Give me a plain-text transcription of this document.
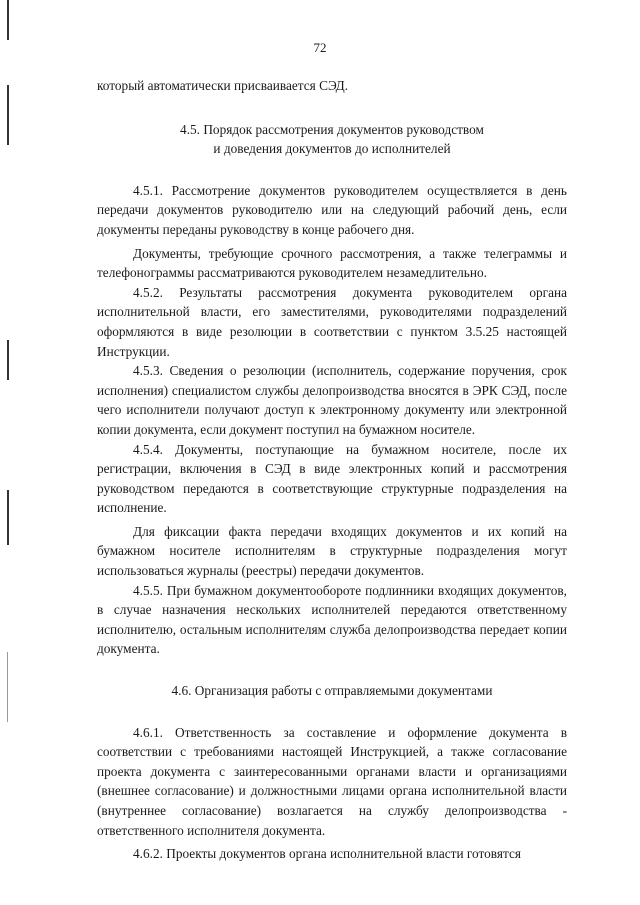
72

который автоматически присваивается СЭД.

4.5. Порядок рассмотрения документов руководством
и доведения документов до исполнителей

4.5.1. Рассмотрение документов руководителем осуществляется в день передачи документов руководителю или на следующий рабочий день, если документы переданы руководству в конце рабочего дня.

Документы, требующие срочного рассмотрения, а также телеграммы и телефонограммы рассматриваются руководителем незамедлительно.

4.5.2. Результаты рассмотрения документа руководителем органа исполнительной власти, его заместителями, руководителями подразделений оформляются в виде резолюции в соответствии с пунктом 3.5.25 настоящей Инструкции.

4.5.3. Сведения о резолюции (исполнитель, содержание поручения, срок исполнения) специалистом службы делопроизводства вносятся в ЭРК СЭД, после чего исполнители получают доступ к электронному документу или электронной копии документа, если документ поступил на бумажном носителе.

4.5.4. Документы, поступающие на бумажном носителе, после их регистрации, включения в СЭД в виде электронных копий и рассмотрения руководством передаются в соответствующие структурные подразделения на исполнение.

Для фиксации факта передачи входящих документов и их копий на бумажном носителе исполнителям в структурные подразделения могут использоваться журналы (реестры) передачи документов.

4.5.5. При бумажном документообороте подлинники входящих документов, в случае назначения нескольких исполнителей передаются ответственному исполнителю, остальным исполнителям служба делопроизводства передает копии документа.

4.6. Организация работы с отправляемыми документами

4.6.1. Ответственность за составление и оформление документа в соответствии с требованиями настоящей Инструкцией, а также согласование проекта документа с заинтересованными органами власти и организациями (внешнее согласование) и должностными лицами органа исполнительной власти (внутреннее согласование) возлагается на службу делопроизводства - ответственного исполнителя документа.

4.6.2. Проекты документов органа исполнительной власти готовятся
